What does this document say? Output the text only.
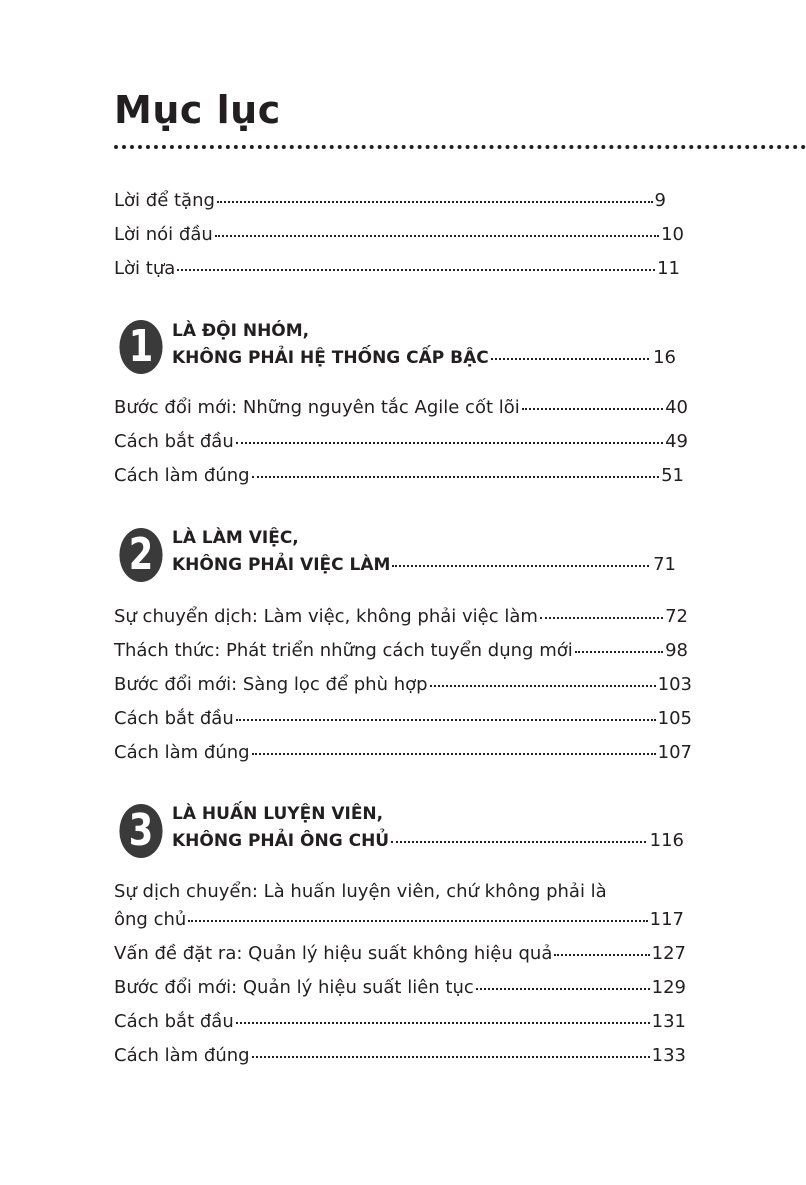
Mục lục
Lời để tặng	9
Lời nói đầu	10
Lời tựa	11
1	LÀ ĐỘI NHÓM,
KHÔNG PHẢI HỆ THỐNG CẤP BẬC	16
Bước đổi mới: Những nguyên tắc Agile cốt lõi	40
Cách bắt đầu	49
Cách làm đúng	51
2	LÀ LÀM VIỆC,
KHÔNG PHẢI VIỆC LÀM	71
Sự chuyển dịch: Làm việc, không phải việc làm	72
Thách thức: Phát triển những cách tuyển dụng mới	98
Bước đổi mới: Sàng lọc để phù hợp	103
Cách bắt đầu	105
Cách làm đúng	107
3	LÀ HUẤN LUYỆN VIÊN,
KHÔNG PHẢI ÔNG CHỦ	116
Sự dịch chuyển: Là huấn luyện viên, chứ không phải là
ông chủ	117
Vấn đề đặt ra: Quản lý hiệu suất không hiệu quả	127
Bước đổi mới: Quản lý hiệu suất liên tục	129
Cách bắt đầu	131
Cách làm đúng	133
